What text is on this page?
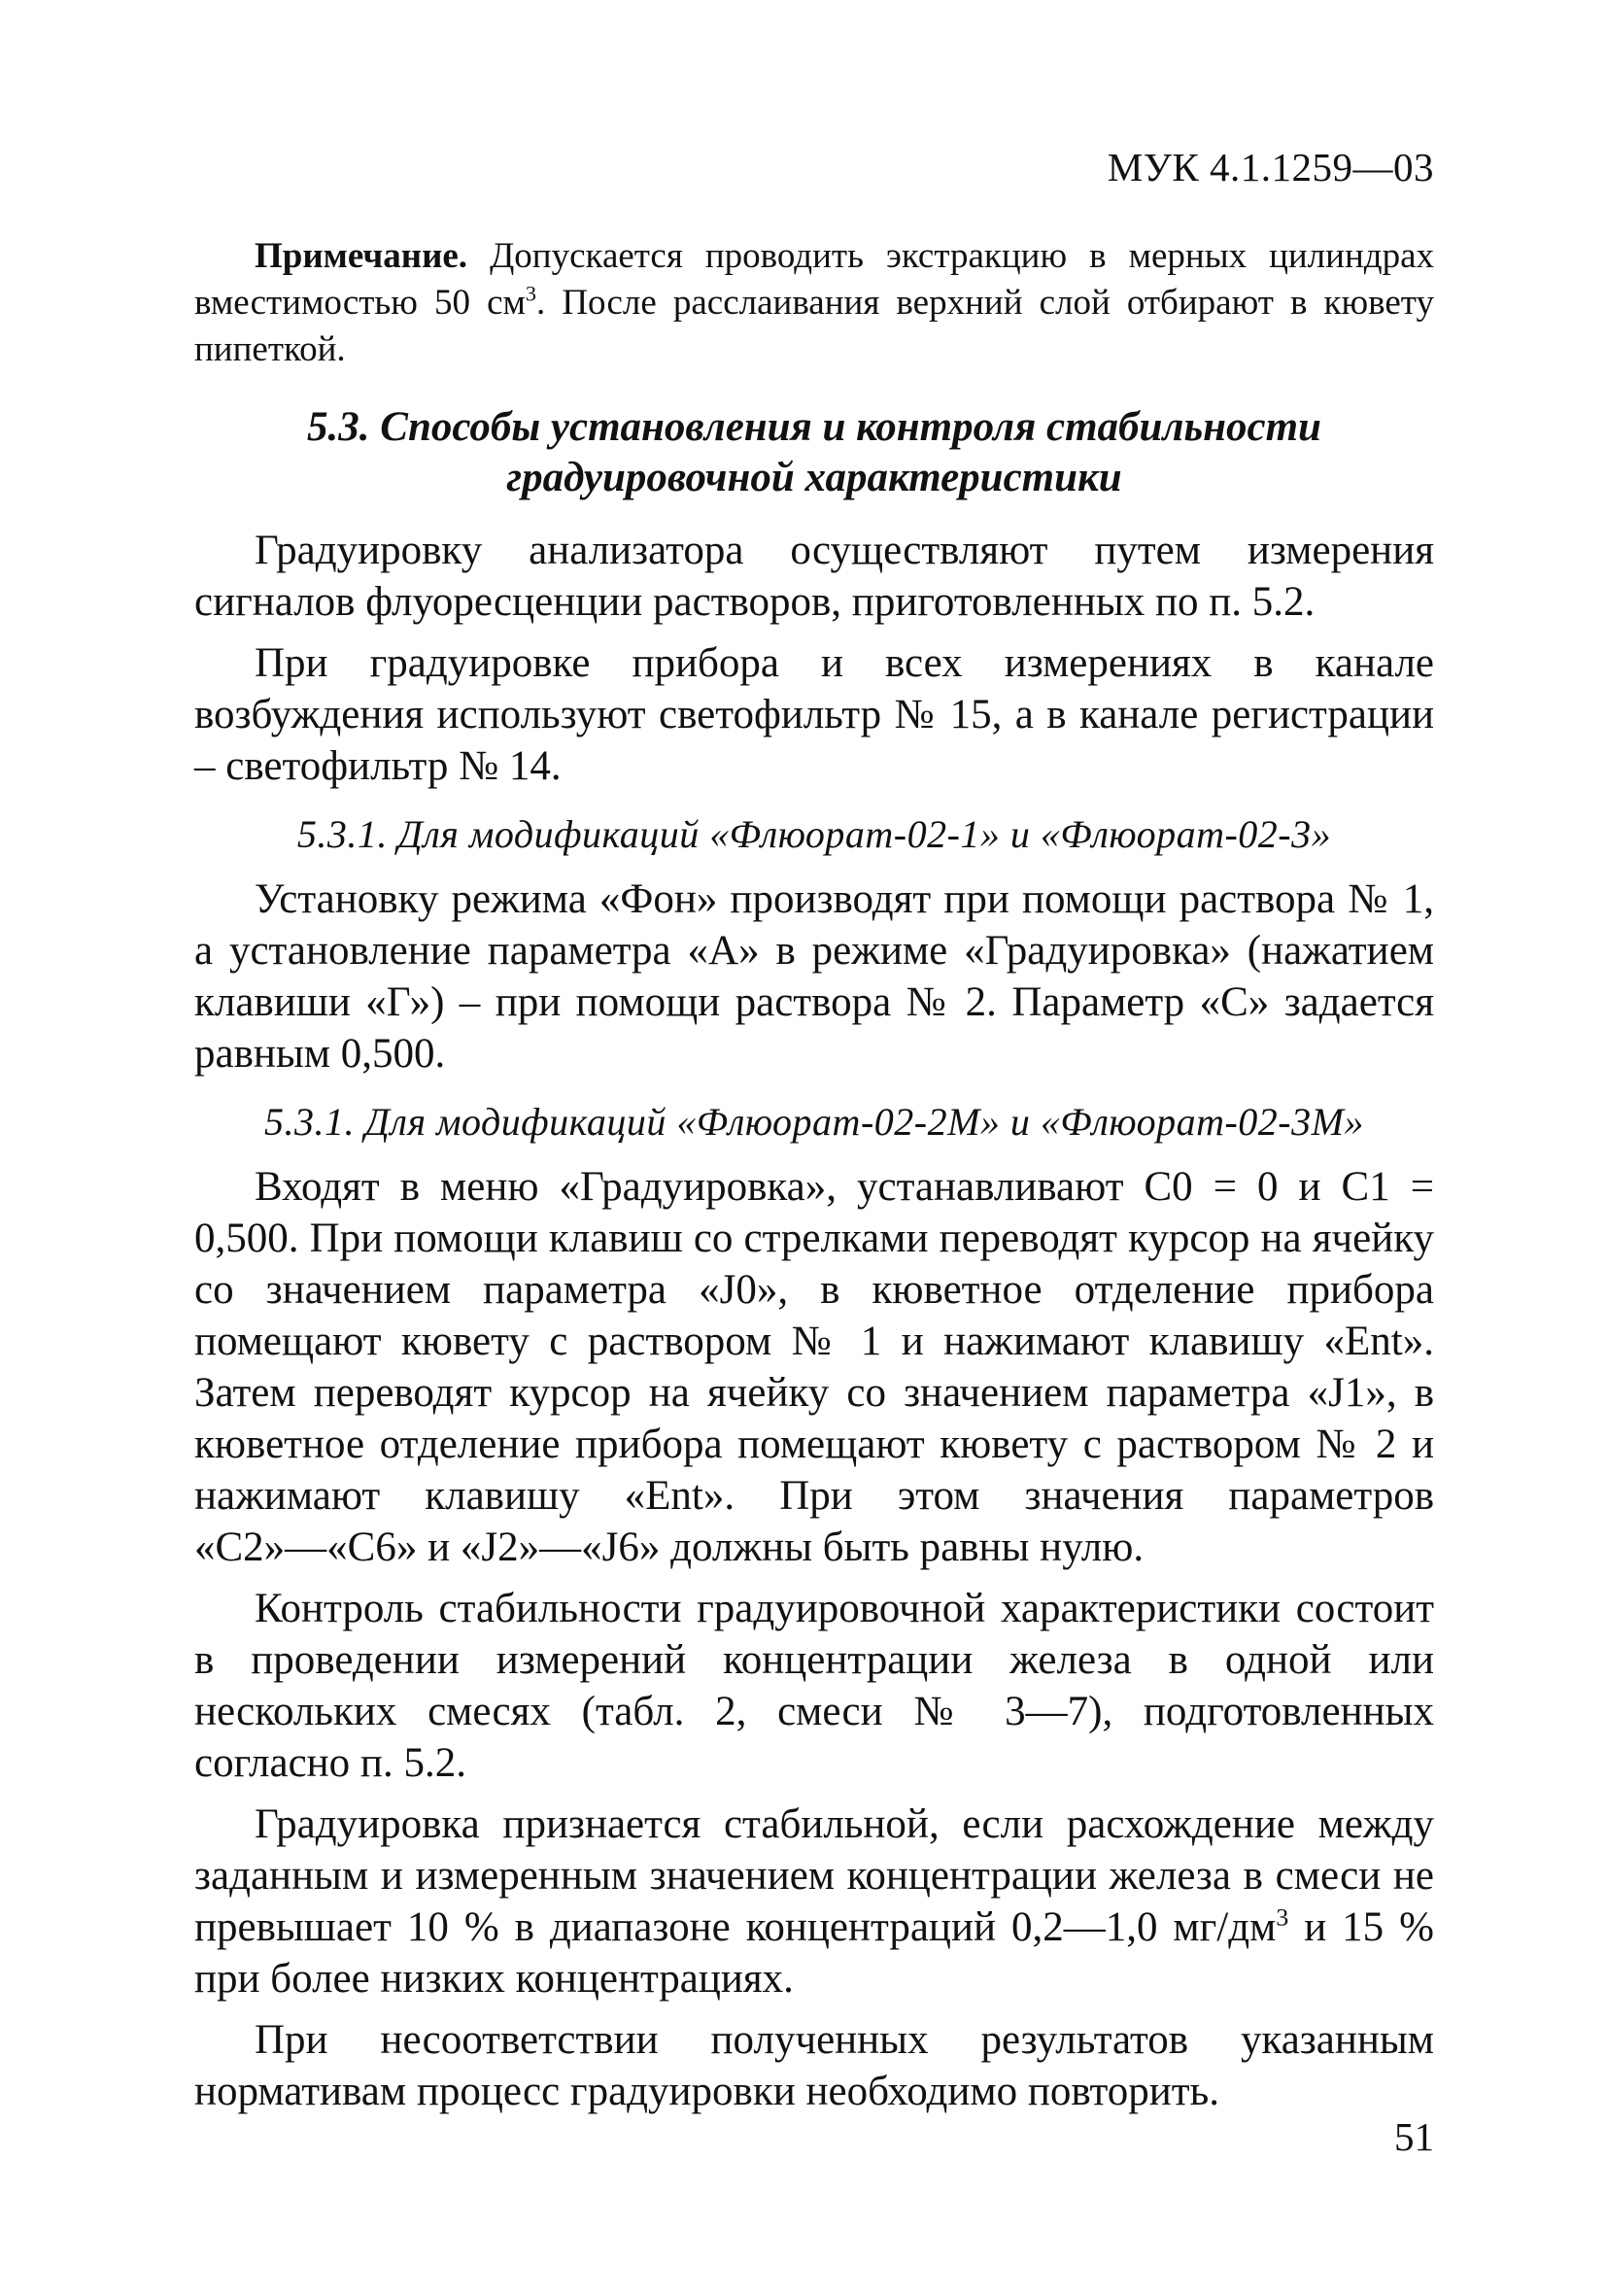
МУК 4.1.1259—03

Примечание. Допускается проводить экстракцию в мерных цилиндрах вместимостью 50 $см^3$. После расслаивания верхний слой отбирают в кювету пипеткой.

5.3. Способы установления и контроля стабильности
градуировочной характеристики

Градуировку анализатора осуществляют путем измерения сигналов флуоресценции растворов, приготовленных по п. 5.2.

При градуировке прибора и всех измерениях в канале возбуждения используют светофильтр № 15, а в канале регистрации – светофильтр № 14.

5.3.1. Для модификаций «Флюорат-02-1» и «Флюорат-02-3»

Установку режима «Фон» производят при помощи раствора № 1, а установление параметра «А» в режиме «Градуировка» (нажатием клавиши «Г») – при помощи раствора № 2. Параметр «С» задается равным 0,500.

5.3.1. Для модификаций «Флюорат-02-2М» и «Флюорат-02-3М»

Входят в меню «Градуировка», устанавливают С0 = 0 и С1 = 0,500. При помощи клавиш со стрелками переводят курсор на ячейку со значением параметра «J0», в кюветное отделение прибора помещают кювету с раствором № 1 и нажимают клавишу «Ent». Затем переводят курсор на ячейку со значением параметра «J1», в кюветное отделение прибора помещают кювету с раствором № 2 и нажимают клавишу «Ent». При этом значения параметров «С2»—«С6» и «J2»—«J6» должны быть равны нулю.

Контроль стабильности градуировочной характеристики состоит в проведении измерений концентрации железа в одной или нескольких смесях (табл. 2, смеси № 3—7), подготовленных согласно п. 5.2.

Градуировка признается стабильной, если расхождение между заданным и измеренным значением концентрации железа в смеси не превышает 10 % в диапазоне концентраций 0,2—1,0 $мг/дм^3$ и 15 % при более низких концентрациях.

При несоответствии полученных результатов указанным нормативам процесс градуировки необходимо повторить.

51
